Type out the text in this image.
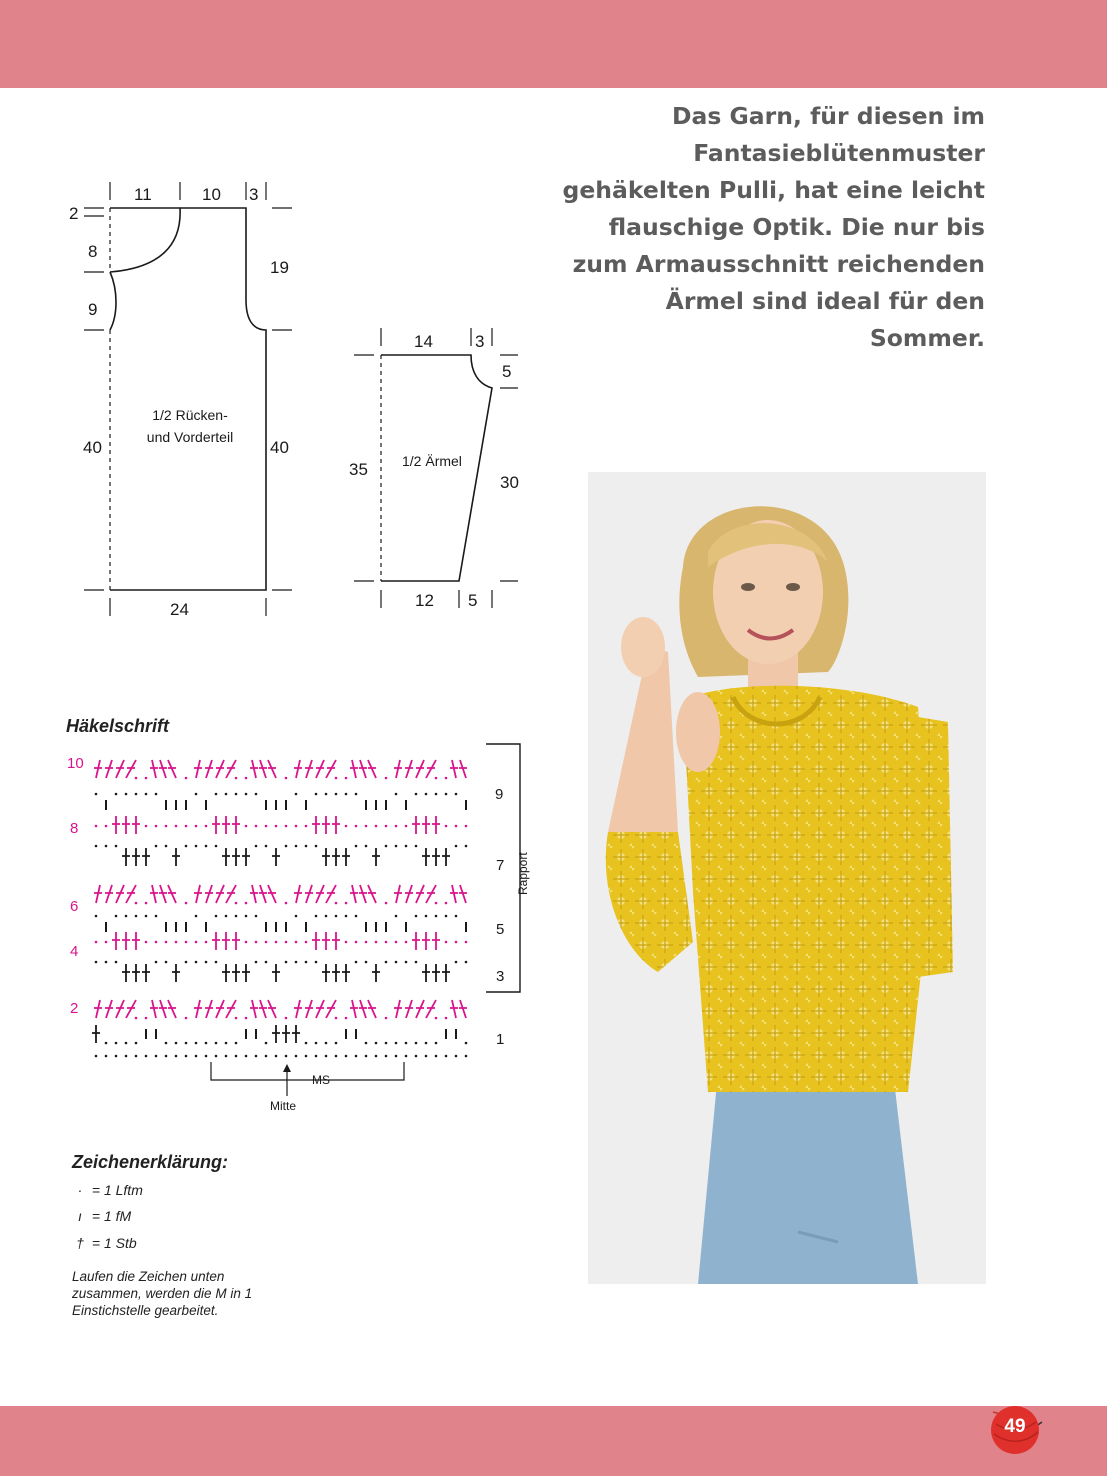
Das Garn, für diesen im
Fantasieblütenmuster
gehäkelten Pulli, hat eine leicht
flauschige Optik. Die nur bis
zum Armausschnitt reichenden
Ärmel sind ideal für den
Sommer.
11	10 3
2
8
9
40
19
40
24
1/2 Rücken-
und Vorderteil
14 3
5
35
30
12 5
1/2 Ärmel
Häkelschrift
Rapport
MS
Mitte
10
8
6
4
2
9
7
5
3
1
Zeichenerklärung:
· = 1 Lftm
ı = 1 fM
† = 1 Stb
Laufen die Zeichen unten
zusammen, werden die M in 1
Einstichstelle gearbeitet.
49
